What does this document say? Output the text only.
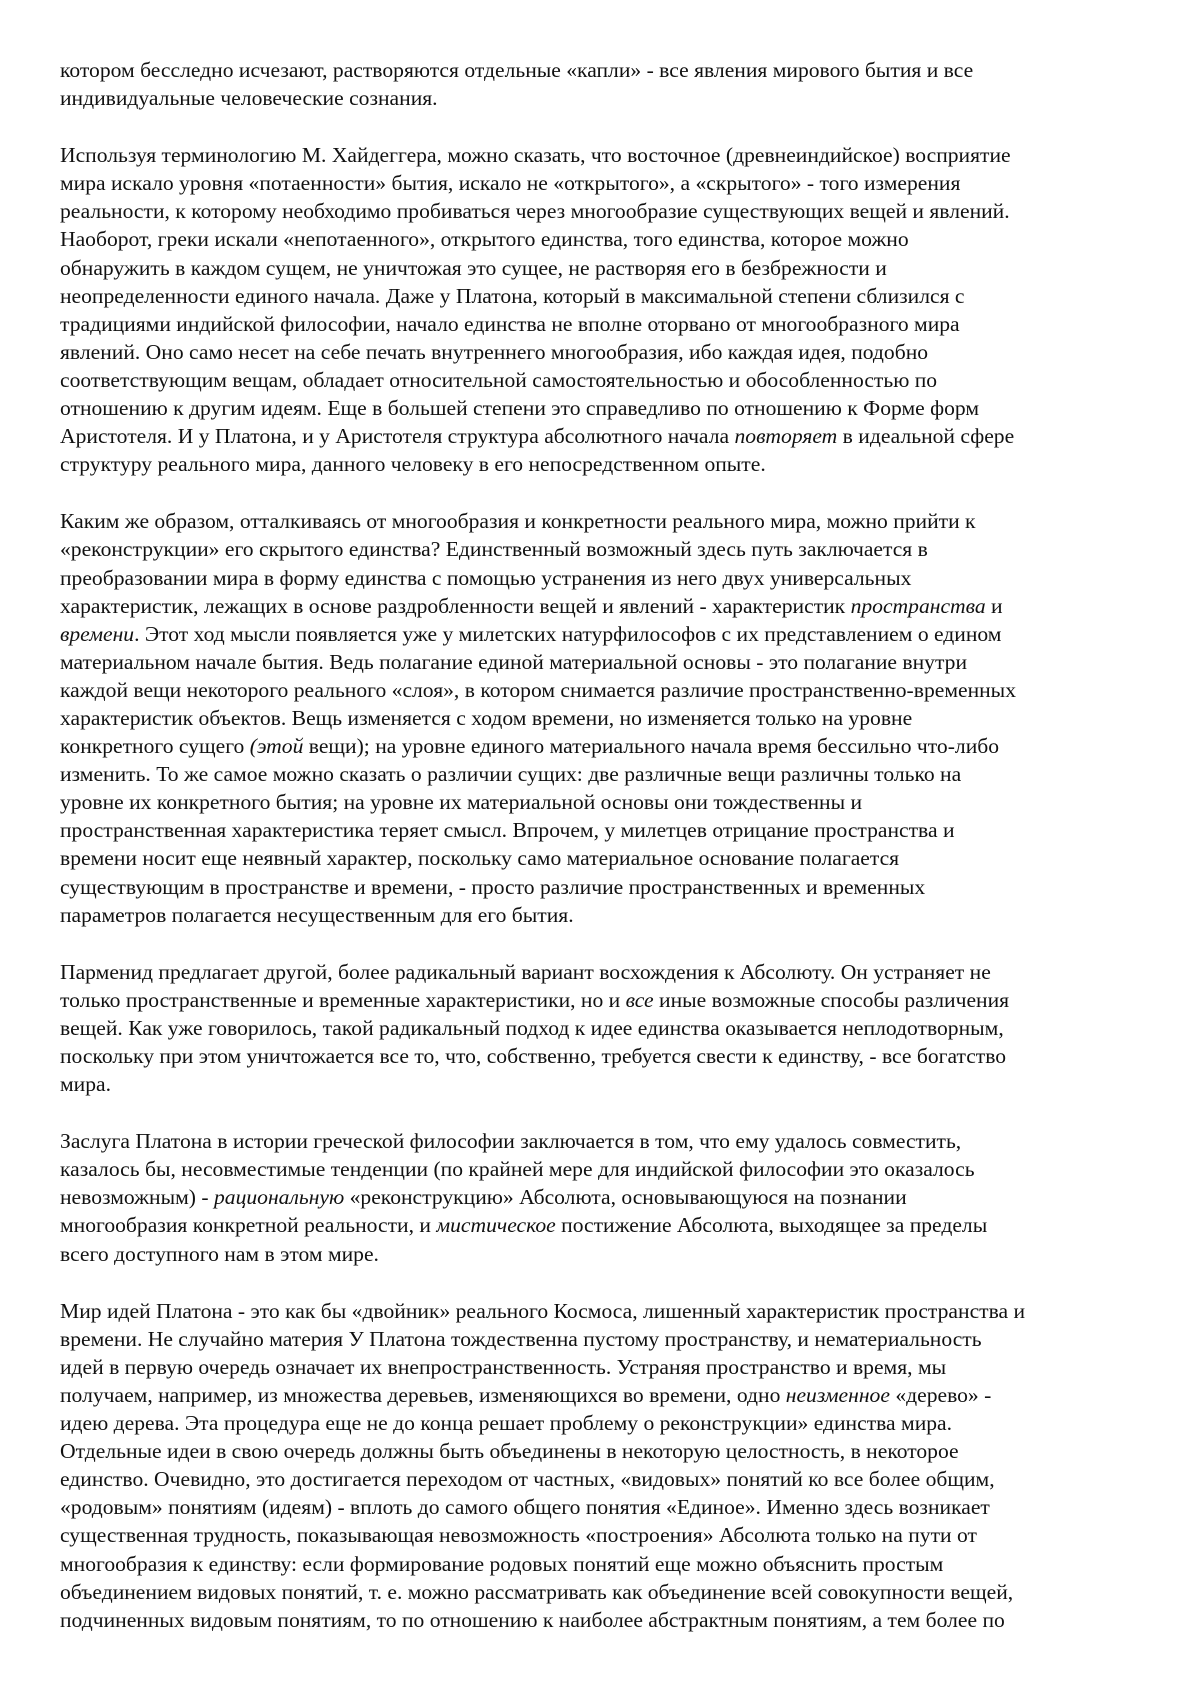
котором бесследно исчезают, растворяются отдельные «капли» - все явления мирового бытия и все
индивидуальные человеческие сознания.

Используя терминологию М. Хайдеггера, можно сказать, что восточное (древнеиндийское) восприятие
мира искало уровня «потаенности» бытия, искало не «открытого», а «скрытого» - того измерения
реальности, к которому необходимо пробиваться через многообразие существующих вещей и явлений.
Наоборот, греки искали «непотаенного», открытого единства, того единства, которое можно
обнаружить в каждом сущем, не уничтожая это сущее, не растворяя его в безбрежности и
неопределенности единого начала. Даже у Платона, который в максимальной степени сблизился с
традициями индийской философии, начало единства не вполне оторвано от многообразного мира
явлений. Оно само несет на себе печать внутреннего многообразия, ибо каждая идея, подобно
соответствующим вещам, обладает относительной самостоятельностью и обособленностью по
отношению к другим идеям. Еще в большей степени это справедливо по отношению к Форме форм
Аристотеля. И у Платона, и у Аристотеля структура абсолютного начала повторяет в идеальной сфере
структуру реального мира, данного человеку в его непосредственном опыте.

Каким же образом, отталкиваясь от многообразия и конкретности реального мира, можно прийти к
«реконструкции» его скрытого единства? Единственный возможный здесь путь заключается в
преобразовании мира в форму единства с помощью устранения из него двух универсальных
характеристик, лежащих в основе раздробленности вещей и явлений - характеристик пространства и
времени. Этот ход мысли появляется уже у милетских натурфилософов с их представлением о едином
материальном начале бытия. Ведь полагание единой материальной основы - это полагание внутри
каждой вещи некоторого реального «слоя», в котором снимается различие пространственно-временных
характеристик объектов. Вещь изменяется с ходом времени, но изменяется только на уровне
конкретного сущего (этой вещи); на уровне единого материального начала время бессильно что-либо
изменить. То же самое можно сказать о различии сущих: две различные вещи различны только на
уровне их конкретного бытия; на уровне их материальной основы они тождественны и
пространственная характеристика теряет смысл. Впрочем, у милетцев отрицание пространства и
времени носит еще неявный характер, поскольку само материальное основание полагается
существующим в пространстве и времени, - просто различие пространственных и временных
параметров полагается несущественным для его бытия.

Парменид предлагает другой, более радикальный вариант восхождения к Абсолюту. Он устраняет не
только пространственные и временные характеристики, но и все иные возможные способы различения
вещей. Как уже говорилось, такой радикальный подход к идее единства оказывается неплодотворным,
поскольку при этом уничтожается все то, что, собственно, требуется свести к единству, - все богатство
мира.

Заслуга Платона в истории греческой философии заключается в том, что ему удалось совместить,
казалось бы, несовместимые тенденции (по крайней мере для индийской философии это оказалось
невозможным) - рациональную «реконструкцию» Абсолюта, основывающуюся на познании
многообразия конкретной реальности, и мистическое постижение Абсолюта, выходящее за пределы
всего доступного нам в этом мире.

Мир идей Платона - это как бы «двойник» реального Космоса, лишенный характеристик пространства и
времени. Не случайно материя У Платона тождественна пустому пространству, и нематериальность
идей в первую очередь означает их внепространственность. Устраняя пространство и время, мы
получаем, например, из множества деревьев, изменяющихся во времени, одно неизменное «дерево» -
идею дерева. Эта процедура еще не до конца решает проблему о реконструкции» единства мира.
Отдельные идеи в свою очередь должны быть объединены в некоторую целостность, в некоторое
единство. Очевидно, это достигается переходом от частных, «видовых» понятий ко все более общим,
«родовым» понятиям (идеям) - вплоть до самого общего понятия «Единое». Именно здесь возникает
существенная трудность, показывающая невозможность «построения» Абсолюта только на пути от
многообразия к единству: если формирование родовых понятий еще можно объяснить простым
объединением видовых понятий, т. е. можно рассматривать как объединение всей совокупности вещей,
подчиненных видовым понятиям, то по отношению к наиболее абстрактным понятиям, а тем более по
